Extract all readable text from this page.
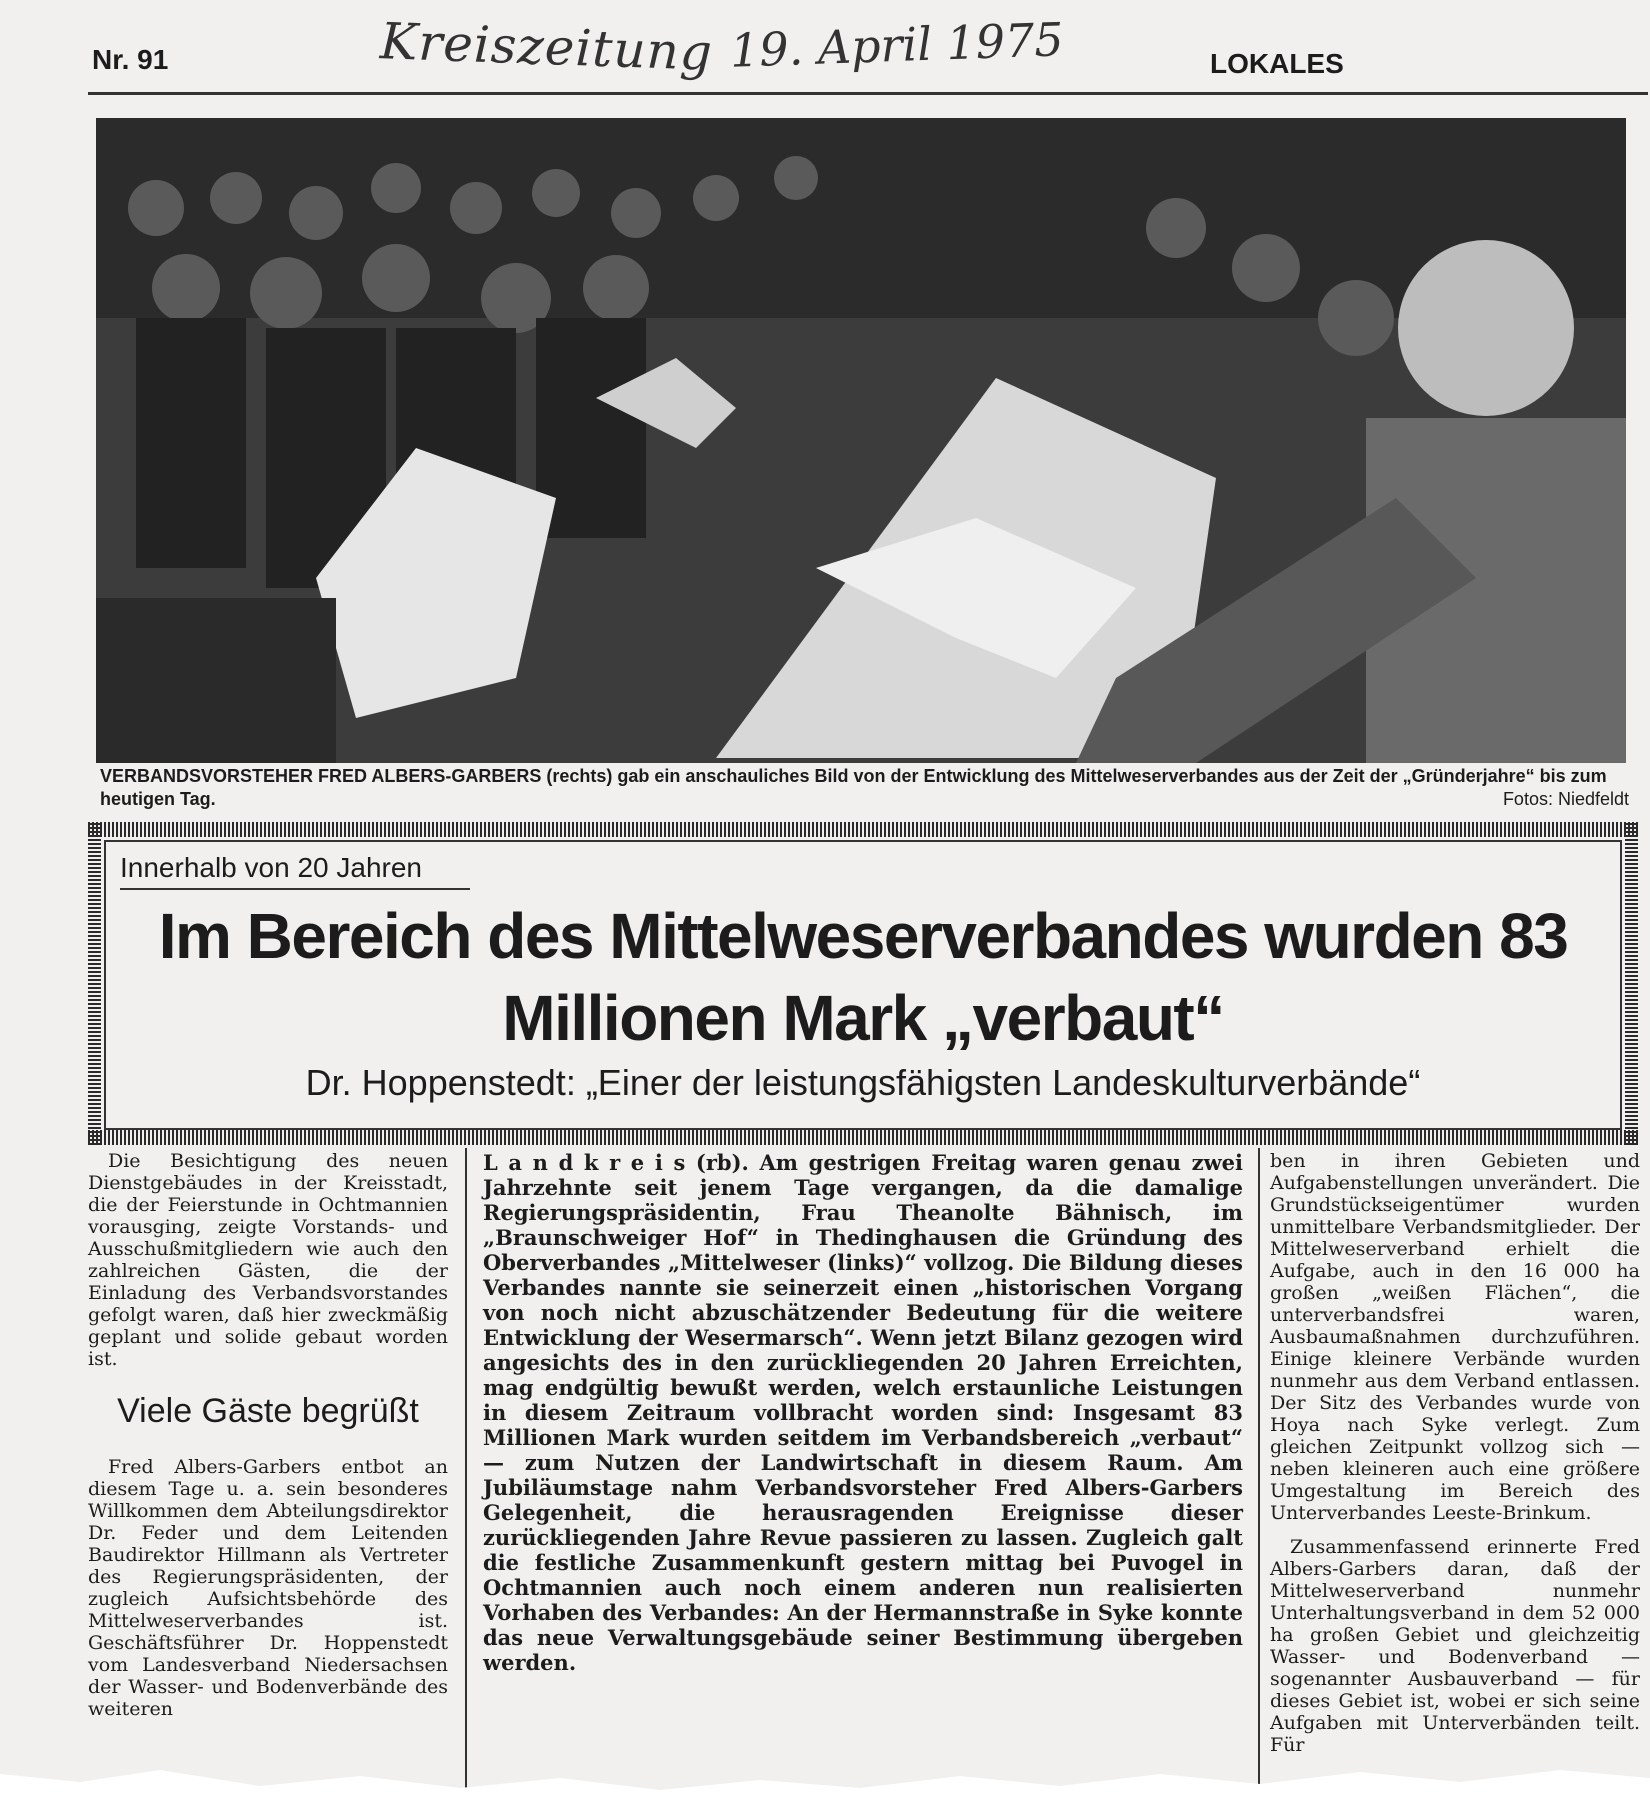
Nr. 91	Kreiszeitung 19. April 1975	LOKALES
VERBANDSVORSTEHER FRED ALBERS-GARBERS (rechts) gab ein anschauliches Bild von der Entwicklung des Mittelweserverbandes aus der Zeit der „Gründerjahre“ bis zum heutigen Tag.	Fotos: Niedfeldt
Innerhalb von 20 Jahren
Im Bereich des Mittelweserverbandes wurden 83 Millionen Mark „verbaut“
Dr. Hoppenstedt: „Einer der leistungsfähigsten Landeskulturverbände“

Die Besichtigung des neuen Dienstgebäudes in der Kreisstadt, die der Feierstunde in Ochtmannien vorausging, zeigte Vorstands- und Ausschußmitgliedern wie auch den zahlreichen Gästen, die der Einladung des Verbandsvorstandes gefolgt waren, daß hier zweckmäßig geplant und solide gebaut worden ist.

Viele Gäste begrüßt

Fred Albers-Garbers entbot an diesem Tage u. a. sein besonderes Willkommen dem Abteilungsdirektor Dr. Feder und dem Leitenden Baudirektor Hillmann als Vertreter des Regierungspräsidenten, der zugleich Aufsichtsbehörde des Mittelweserverbandes ist. Geschäftsführer Dr. Hoppenstedt vom Landesverband Niedersachsen der Wasser- und Bodenverbände des weiteren

L a n d k r e i s (rb). Am gestrigen Freitag waren genau zwei Jahrzehnte seit jenem Tage vergangen, da die damalige Regierungspräsidentin, Frau Theanolte Bähnisch, im „Braunschweiger Hof“ in Thedinghausen die Gründung des Oberverbandes „Mittelweser (links)“ vollzog. Die Bildung dieses Verbandes nannte sie seinerzeit einen „historischen Vorgang von noch nicht abzuschätzender Bedeutung für die weitere Entwicklung der Wesermarsch“. Wenn jetzt Bilanz gezogen wird angesichts des in den zurückliegenden 20 Jahren Erreichten, mag endgültig bewußt werden, welch erstaunliche Leistungen in diesem Zeitraum vollbracht worden sind: Insgesamt 83 Millionen Mark wurden seitdem im Verbandsbereich „verbaut“ — zum Nutzen der Landwirtschaft in diesem Raum. Am Jubiläumstage nahm Verbandsvorsteher Fred Albers-Garbers Gelegenheit, die herausragenden Ereignisse dieser zurückliegenden Jahre Revue passieren zu lassen. Zugleich galt die festliche Zusammenkunft gestern mittag bei Puvogel in Ochtmannien auch noch einem anderen nun realisierten Vorhaben des Verbandes: An der Hermannstraße in Syke konnte das neue Verwaltungsgebäude seiner Bestimmung übergeben werden.

ben in ihren Gebieten und Aufgabenstellungen unverändert. Die Grundstückseigentümer wurden unmittelbare Verbandsmitglieder. Der Mittelweserverband erhielt die Aufgabe, auch in den 16 000 ha großen „weißen Flächen“, die unterverbandsfrei waren, Ausbaumaßnahmen durchzuführen. Einige kleinere Verbände wurden nunmehr aus dem Verband entlassen. Der Sitz des Verbandes wurde von Hoya nach Syke verlegt. Zum gleichen Zeitpunkt vollzog sich — neben kleineren auch eine größere Umgestaltung im Bereich des Unterverbandes Leeste-Brinkum.

Zusammenfassend erinnerte Fred Albers-Garbers daran, daß der Mittelweserverband nunmehr Unterhaltungsverband in dem 52 000 ha großen Gebiet und gleichzeitig Wasser- und Bodenverband — sogenannter Ausbauverband — für dieses Gebiet ist, wobei er sich seine Aufgaben mit Unterverbänden teilt. Für
